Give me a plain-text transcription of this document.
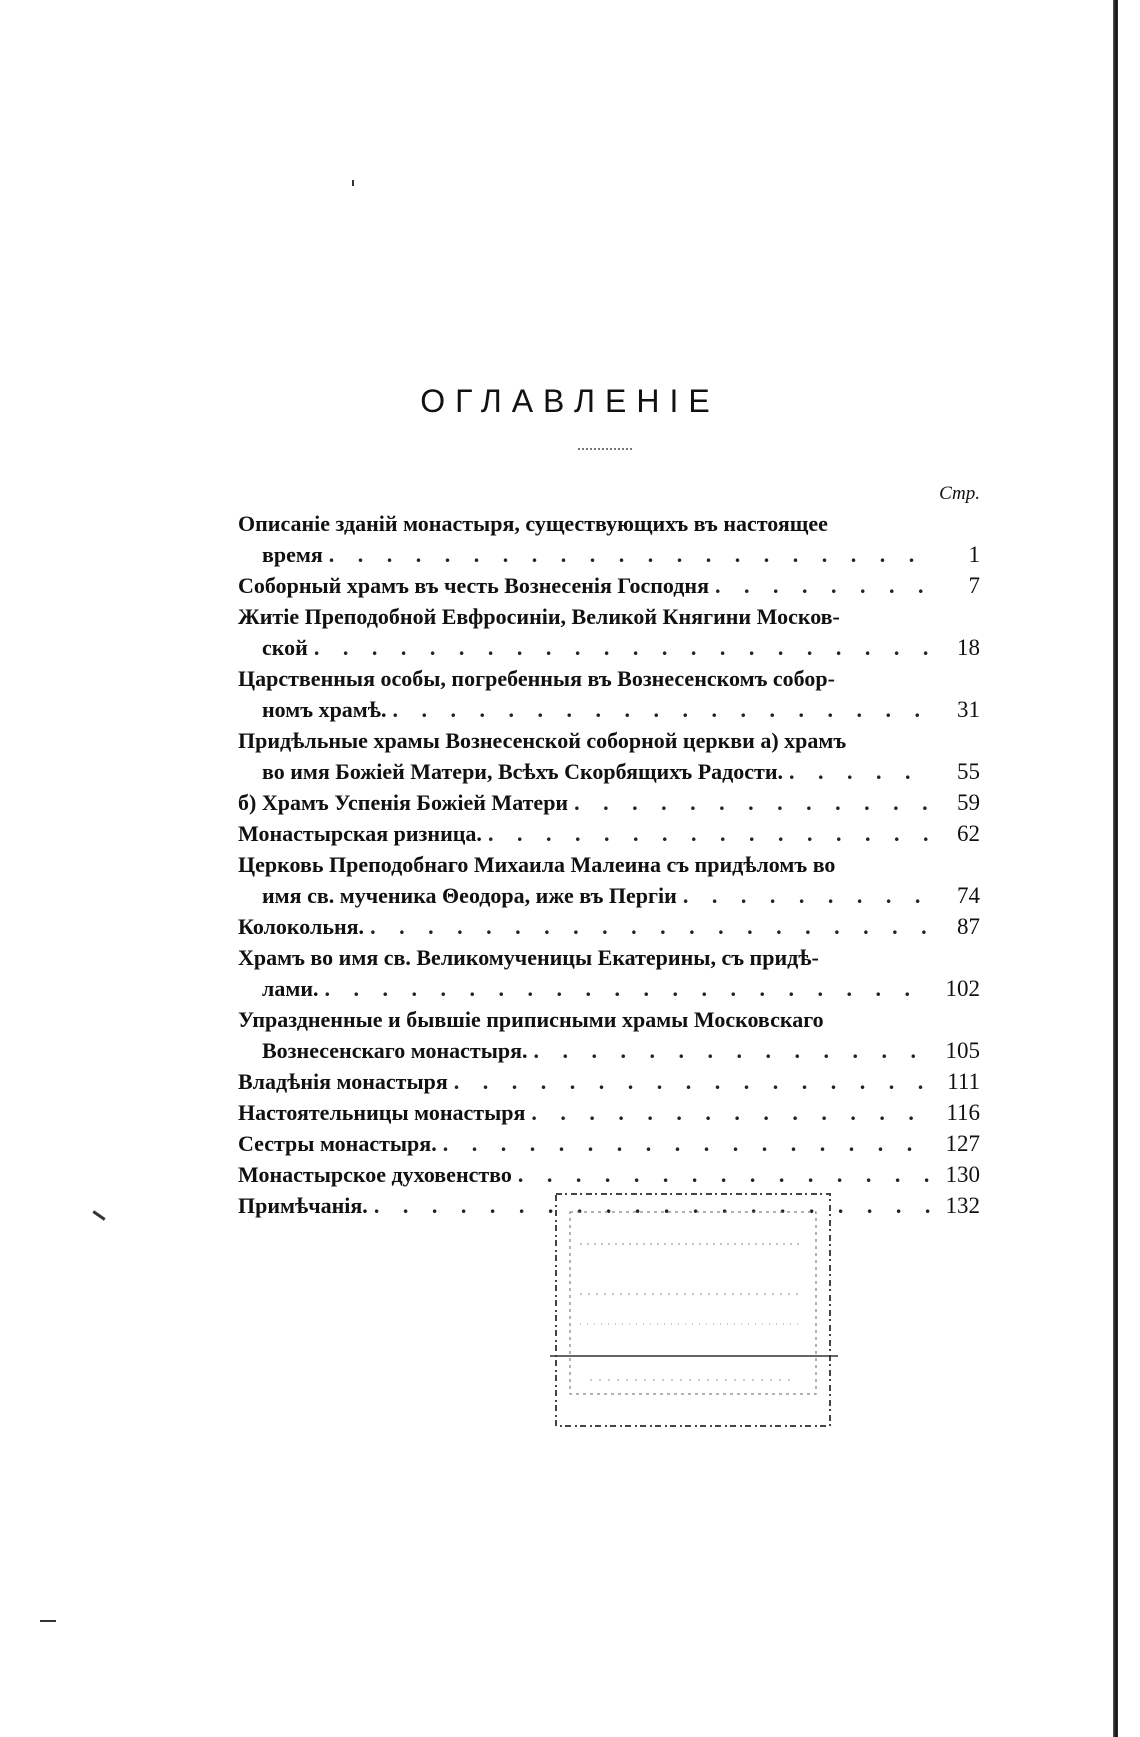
ОГЛАВЛЕНІЕ
Стр.
Описаніе зданій монастыря, существующихъ въ настоящее
время . . .	1
Соборный храмъ въ честь Вознесенія Господня . . .	7
Житіе Преподобной Евфросиніи, Великой Княгини Москов-
ской . . .	18
Царственныя особы, погребенныя въ Вознесенскомъ собор-
номъ храмѣ. . . .	31
Придѣльные храмы Вознесенской соборной церкви а) храмъ
во имя Божіей Матери, Всѣхъ Скорбящихъ Радости. . . .	55
б) Храмъ Успенія Божіей Матери . . .	59
Монастырская ризница. . . .	62
Церковь Преподобнаго Михаила Малеина съ придѣломъ во
имя св. мученика Θеодора, иже въ Пергіи . . .	74
Колокольня. . . .	87
Храмъ во имя св. Великомученицы Екатерины, съ придѣ-
лами. . . .	102
Упраздненные и бывшіе приписными храмы Московскаго
Вознесенскаго монастыря. . . .	105
Владѣнія монастыря . . .	111
Настоятельницы монастыря . . .	116
Сестры монастыря. . . .	127
Монастырское духовенство . . .	130
Примѣчанія. . . .	132
